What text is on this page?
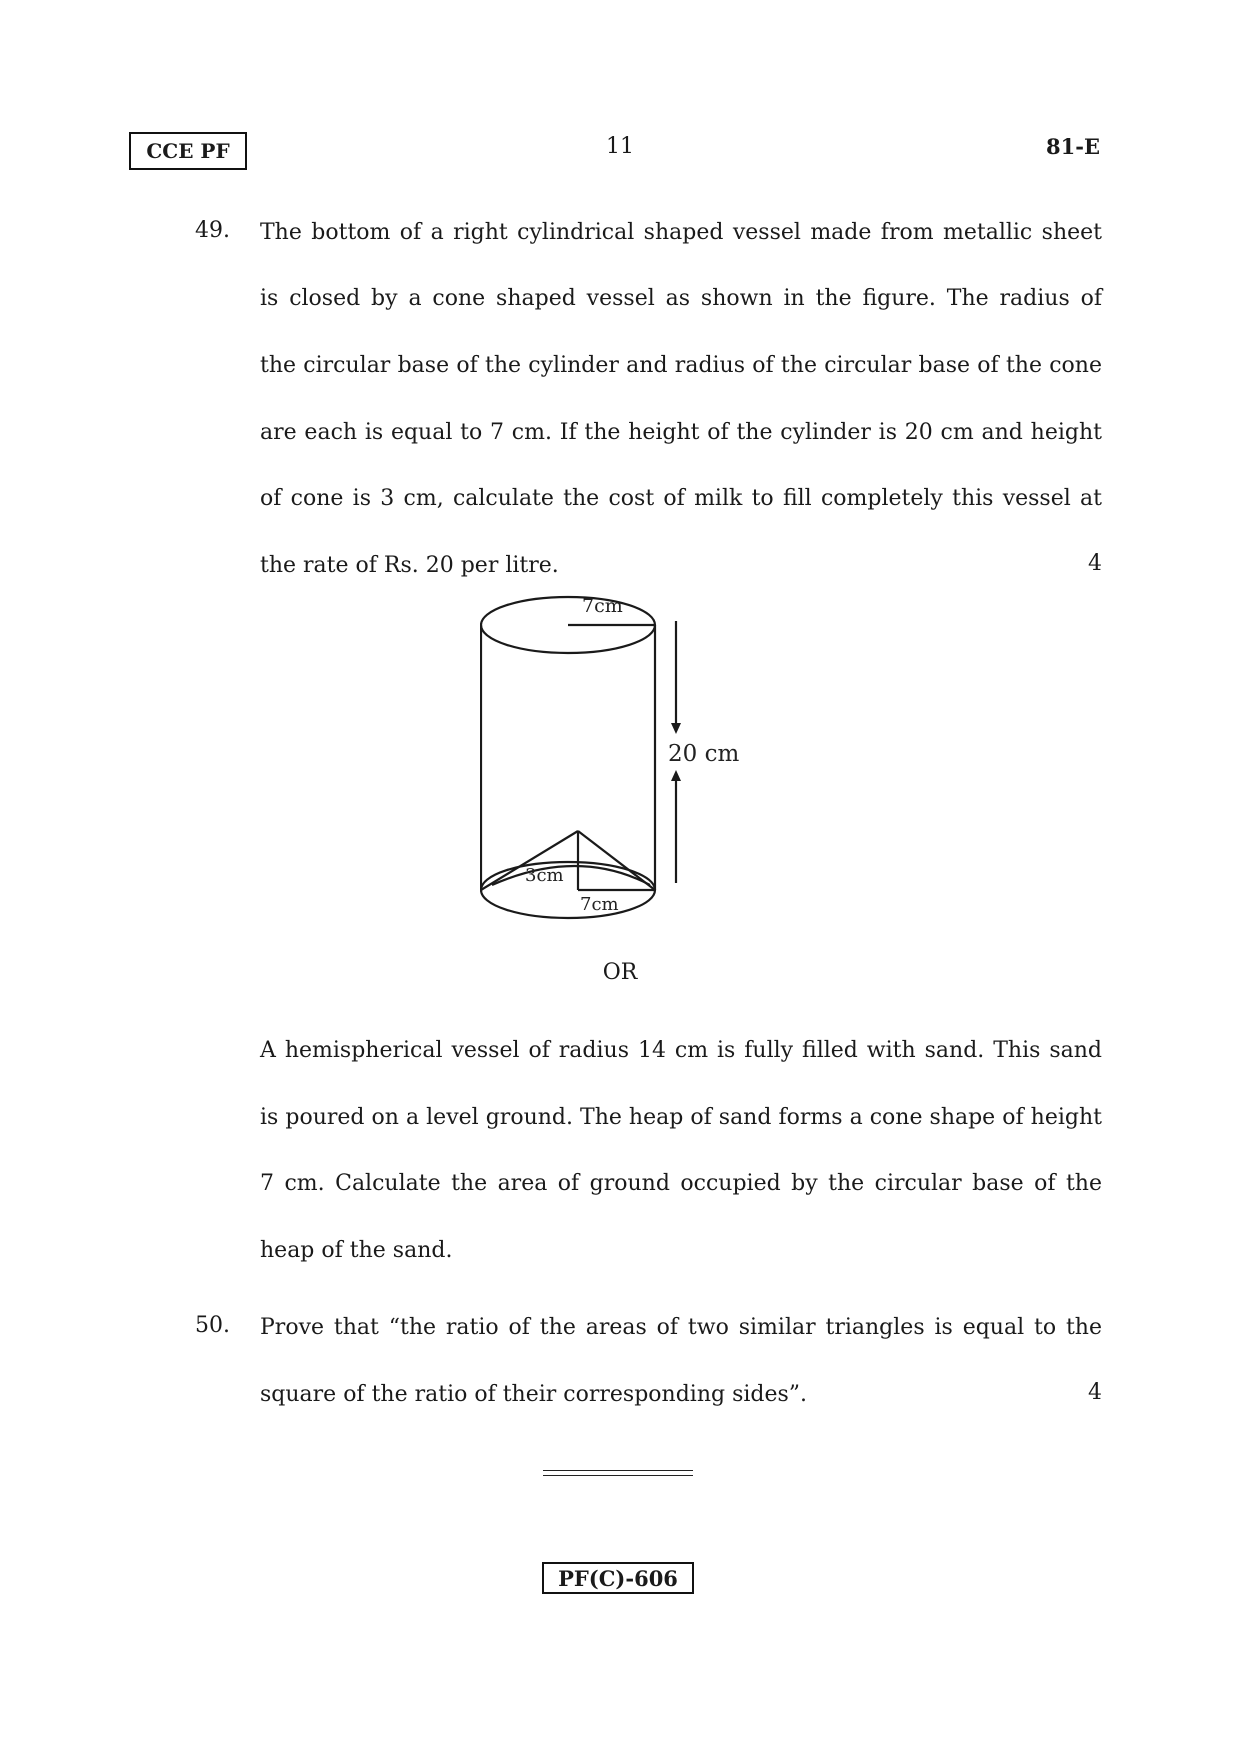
CCE PF	11	81-E
49. The bottom of a right cylindrical shaped vessel made from metallic sheet
is closed by a cone shaped vessel as shown in the figure. The radius of
the circular base of the cylinder and radius of the circular base of the cone
are each is equal to 7 cm. If the height of the cylinder is 20 cm and height
of cone is 3 cm, calculate the cost of milk to fill completely this vessel at
the rate of Rs. 20 per litre.	4
7cm
20 cm
3cm
7cm
OR
A hemispherical vessel of radius 14 cm is fully filled with sand. This sand
is poured on a level ground. The heap of sand forms a cone shape of height
7 cm. Calculate the area of ground occupied by the circular base of the
heap of the sand.
50. Prove that “the ratio of the areas of two similar triangles is equal to the
square of the ratio of their corresponding sides”.	4
PF(C)-606
